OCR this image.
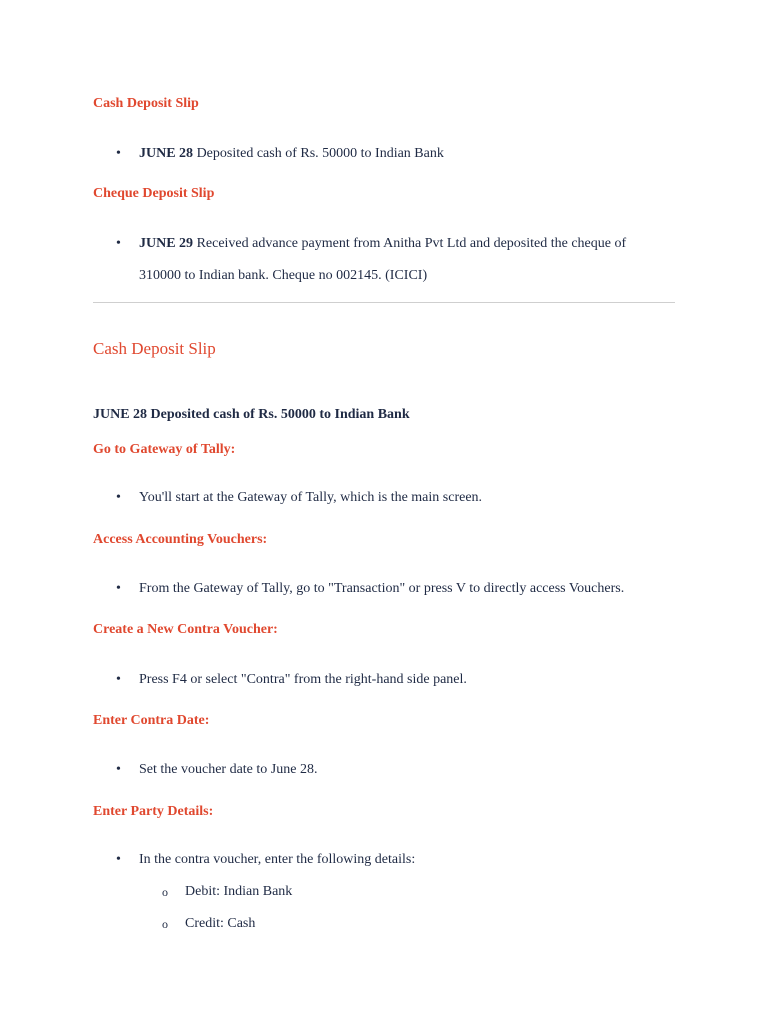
Cash Deposit Slip
• JUNE 28 Deposited cash of Rs. 50000 to Indian Bank
Cheque Deposit Slip
• JUNE 29 Received advance payment from Anitha Pvt Ltd and deposited the cheque of
310000 to Indian bank. Cheque no 002145. (ICICI)
Cash Deposit Slip
JUNE 28 Deposited cash of Rs. 50000 to Indian Bank
Go to Gateway of Tally:
• You'll start at the Gateway of Tally, which is the main screen.
Access Accounting Vouchers:
• From the Gateway of Tally, go to "Transaction" or press V to directly access Vouchers.
Create a New Contra Voucher:
• Press F4 or select "Contra" from the right-hand side panel.
Enter Contra Date:
• Set the voucher date to June 28.
Enter Party Details:
• In the contra voucher, enter the following details:
o Debit: Indian Bank
o Credit: Cash
